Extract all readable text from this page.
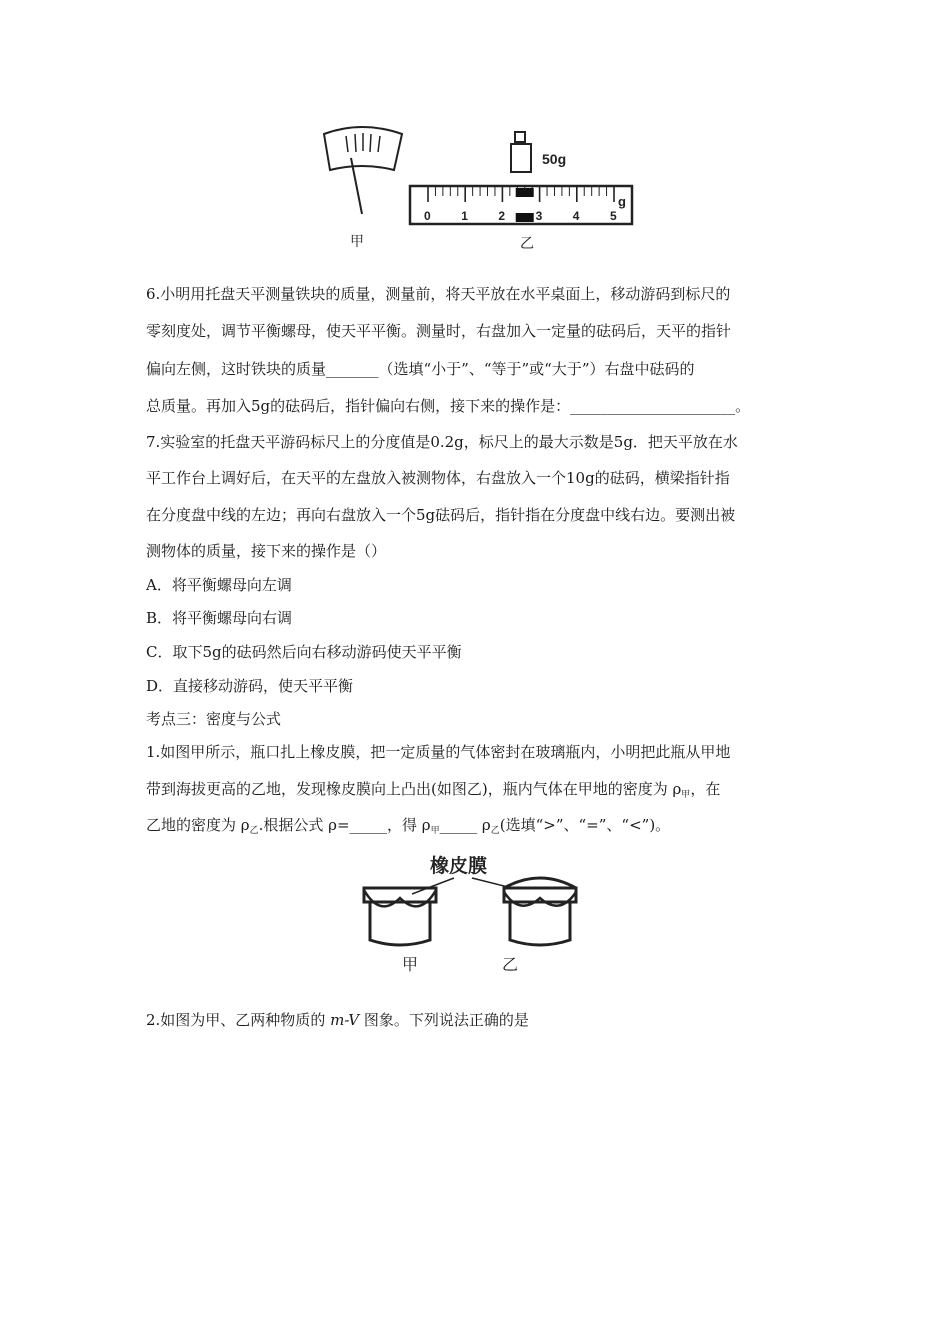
甲
50g
0	1	2	3	4	5
g
乙
6.小明用托盘天平测量铁块的质量，测量前，将天平放在水平桌面上，移动游码到标尺的
零刻度处，调节平衡螺母，使天平平衡。测量时，右盘加入一定量的砝码后，天平的指针
偏向左侧，这时铁块的质量_______（选填“小于”、“等于”或“大于”）右盘中砝码的
总质量。再加入5g的砝码后，指针偏向右侧，接下来的操作是：______________________。
7.实验室的托盘天平游码标尺上的分度值是0.2g，标尺上的最大示数是5g．把天平放在水
平工作台上调好后，在天平的左盘放入被测物体，右盘放入一个10g的砝码，横梁指针指
在分度盘中线的左边；再向右盘放入一个5g砝码后，指针指在分度盘中线右边。要测出被
测物体的质量，接下来的操作是（）
A．将平衡螺母向左调
B．将平衡螺母向右调
C．取下5g的砝码然后向右移动游码使天平平衡
D．直接移动游码，使天平平衡
考点三：密度与公式
1.如图甲所示，瓶口扎上橡皮膜，把一定质量的气体密封在玻璃瓶内，小明把此瓶从甲地
带到海拔更高的乙地，发现橡皮膜向上凸出(如图乙)，瓶内气体在甲地的密度为 $\rho_甲$，在
乙地的密度为 $\rho_乙$.根据公式 ρ=_____，得 $\rho_甲\_\_\_\_\_$ $\rho_乙$(选填“>”、“=”、“<”)。
橡皮膜
甲	乙
2.如图为甲、乙两种物质的 m-V 图象。下列说法正确的是
